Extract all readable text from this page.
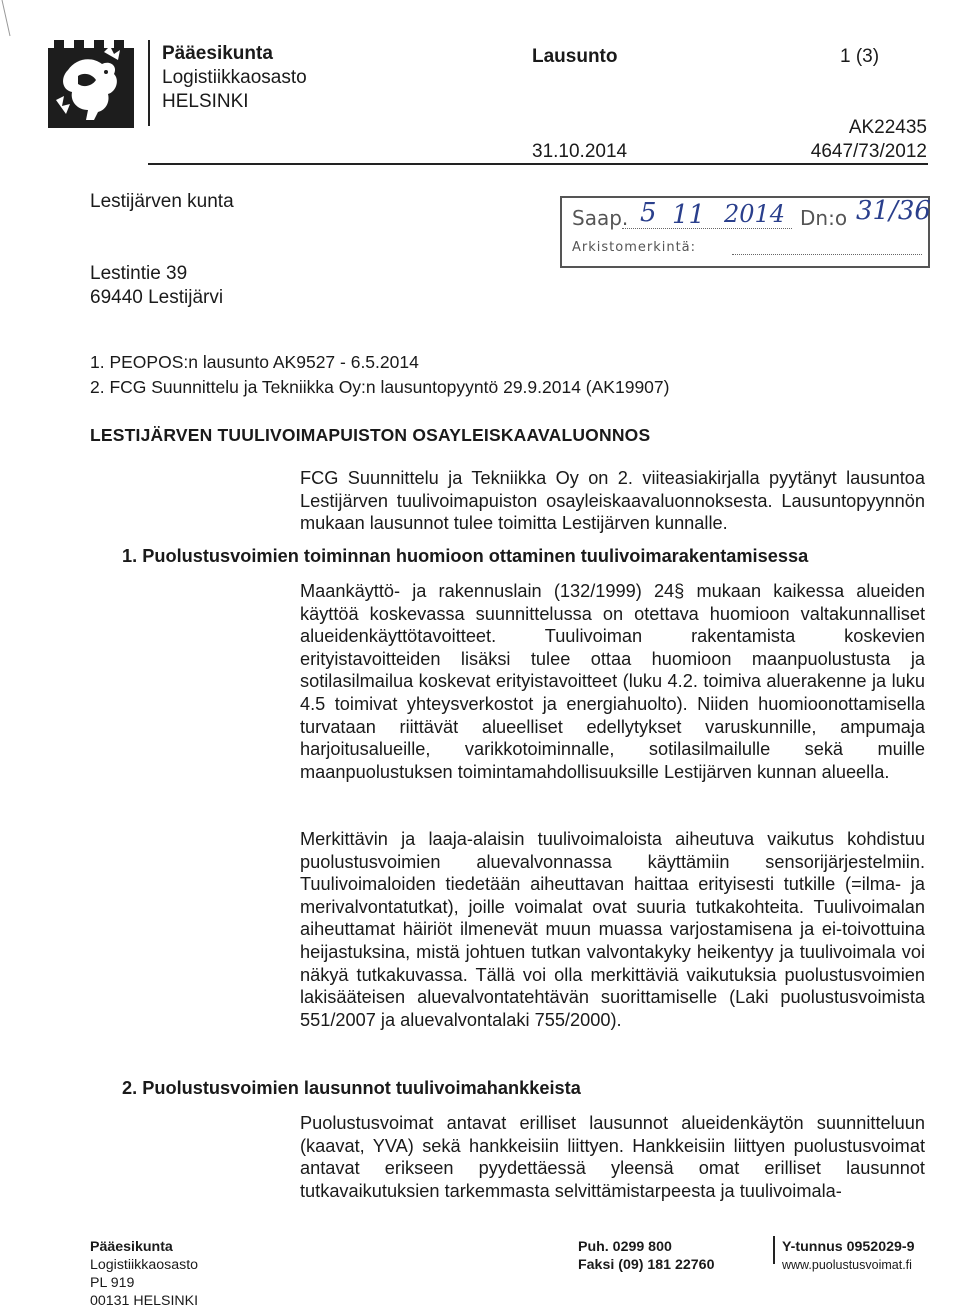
Pääesikunta
Logistiikkaosasto
HELSINKI
Lausunto	1 (3)
31.10.2014
AK22435
4647/73/2012
Lestijärven kunta
Lestintie 39
69440 Lestijärvi
Saap. 5 11 2014 Dn:o 31/36
Arkistomerkintä:
1. PEOPOS:n lausunto AK9527 - 6.5.2014
2. FCG Suunnittelu ja Tekniikka Oy:n lausuntopyyntö 29.9.2014 (AK19907)
LESTIJÄRVEN TUULIVOIMAPUISTON OSAYLEISKAAVALUONNOS
FCG Suunnittelu ja Tekniikka Oy on 2. viiteasiakirjalla pyytänyt lausuntoa Lestijärven tuulivoimapuiston osayleiskaavaluonnoksesta. Lausuntopyynnön mukaan lausunnot tulee toimitta Lestijärven kunnalle.
1. Puolustusvoimien toiminnan huomioon ottaminen tuulivoimarakentamisessa
Maankäyttö- ja rakennuslain (132/1999) 24§ mukaan kaikessa alueiden käyttöä koskevassa suunnittelussa on otettava huomioon valtakunnalliset alueidenkäyttötavoitteet. Tuulivoiman rakentamista koskevien erityistavoitteiden lisäksi tulee ottaa huomioon maanpuolustusta ja sotilasilmailua koskevat erityistavoitteet (luku 4.2. toimiva aluerakenne ja luku 4.5 toimivat yhteysverkostot ja energiahuolto). Niiden huomioonottamisella turvataan riittävät alueelliset edellytykset varuskunnille, ampumaja harjoitusalueille, varikkotoiminnalle, sotilasilmailulle sekä muille maanpuolustuksen toimintamahdollisuuksille Lestijärven kunnan alueella.
Merkittävin ja laaja-alaisin tuulivoimaloista aiheutuva vaikutus kohdistuu puolustusvoimien aluevalvonnassa käyttämiin sensorijärjestelmiin. Tuulivoimaloiden tiedetään aiheuttavan haittaa erityisesti tutkille (=ilma- ja merivalvontatutkat), joille voimalat ovat suuria tutkakohteita. Tuulivoimalan aiheuttamat häiriöt ilmenevät muun muassa varjostamisena ja ei-toivottuina heijastuksina, mistä johtuen tutkan valvontakyky heikentyy ja tuulivoimala voi näkyä tutkakuvassa. Tällä voi olla merkittäviä vaikutuksia puolustusvoimien lakisääteisen aluevalvontatehtävän suorittamiselle (Laki puolustusvoimista 551/2007 ja aluevalvontalaki 755/2000).
2. Puolustusvoimien lausunnot tuulivoimahankkeista
Puolustusvoimat antavat erilliset lausunnot alueidenkäytön suunnitteluun (kaavat, YVA) sekä hankkeisiin liittyen. Hankkeisiin liittyen puolustusvoimat antavat erikseen pyydettäessä yleensä omat erilliset lausunnot tutkavaikutuksien tarkemmasta selvittämistarpeesta ja tuulivoimala-
Pääesikunta
Logistiikkaosasto
PL 919
00131 HELSINKI
Puh. 0299 800
Faksi (09) 181 22760
Y-tunnus 0952029-9
www.puolustusvoimat.fi
